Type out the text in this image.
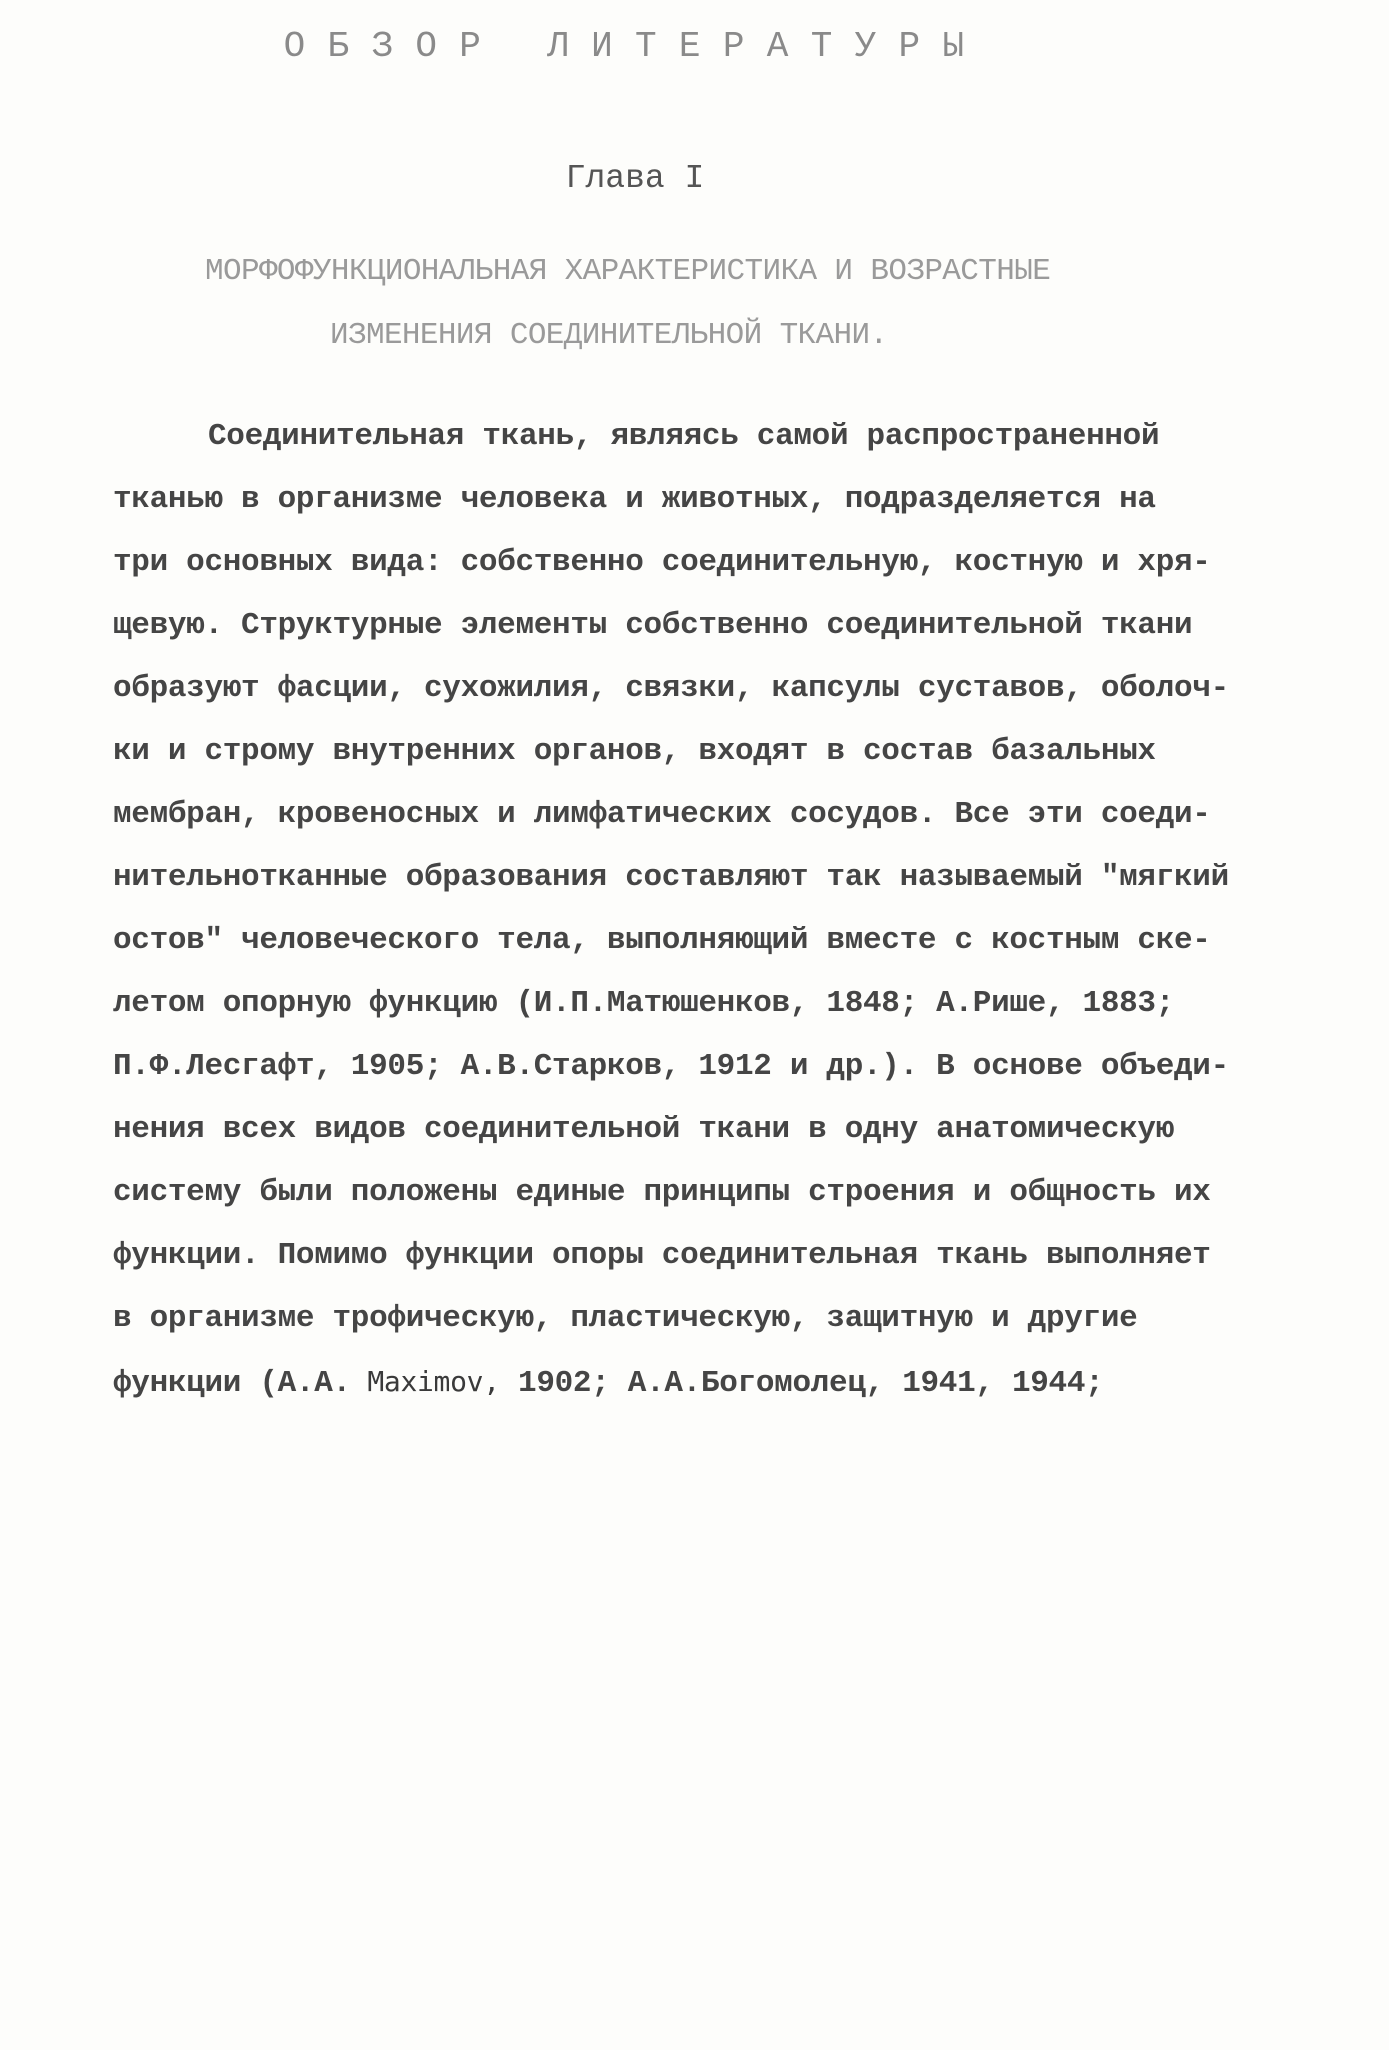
ОБЗОР ЛИТЕРАТУРЫ
Глава I
МОРФОФУНКЦИОНАЛЬНАЯ ХАРАКТЕРИСТИКА И ВОЗРАСТНЫЕ
ИЗМЕНЕНИЯ СОЕДИНИТЕЛЬНОЙ ТКАНИ.
Соединительная ткань, являясь самой распространенной
тканью в организме человека и животных, подразделяется на
три основных вида: собственно соединительную, костную и хря-
щевую. Структурные элементы собственно соединительной ткани
образуют фасции, сухожилия, связки, капсулы суставов, оболоч-
ки и строму внутренних органов, входят в состав базальных
мембран, кровеносных и лимфатических сосудов. Все эти соеди-
нительнотканные образования составляют так называемый "мягкий
остов" человеческого тела, выполняющий вместе с костным ске-
летом опорную функцию (И.П.Матюшенков, 1848; А.Рише, 1883;
П.Ф.Лесгафт, 1905; А.В.Старков, 1912 и др.). В основе объеди-
нения всех видов соединительной ткани в одну анатомическую
систему были положены единые принципы строения и общность их
функции. Помимо функции опоры соединительная ткань выполняет
в организме трофическую, пластическую, защитную и другие
функции (А.А. Maximov, 1902; А.А.Богомолец, 1941, 1944;
